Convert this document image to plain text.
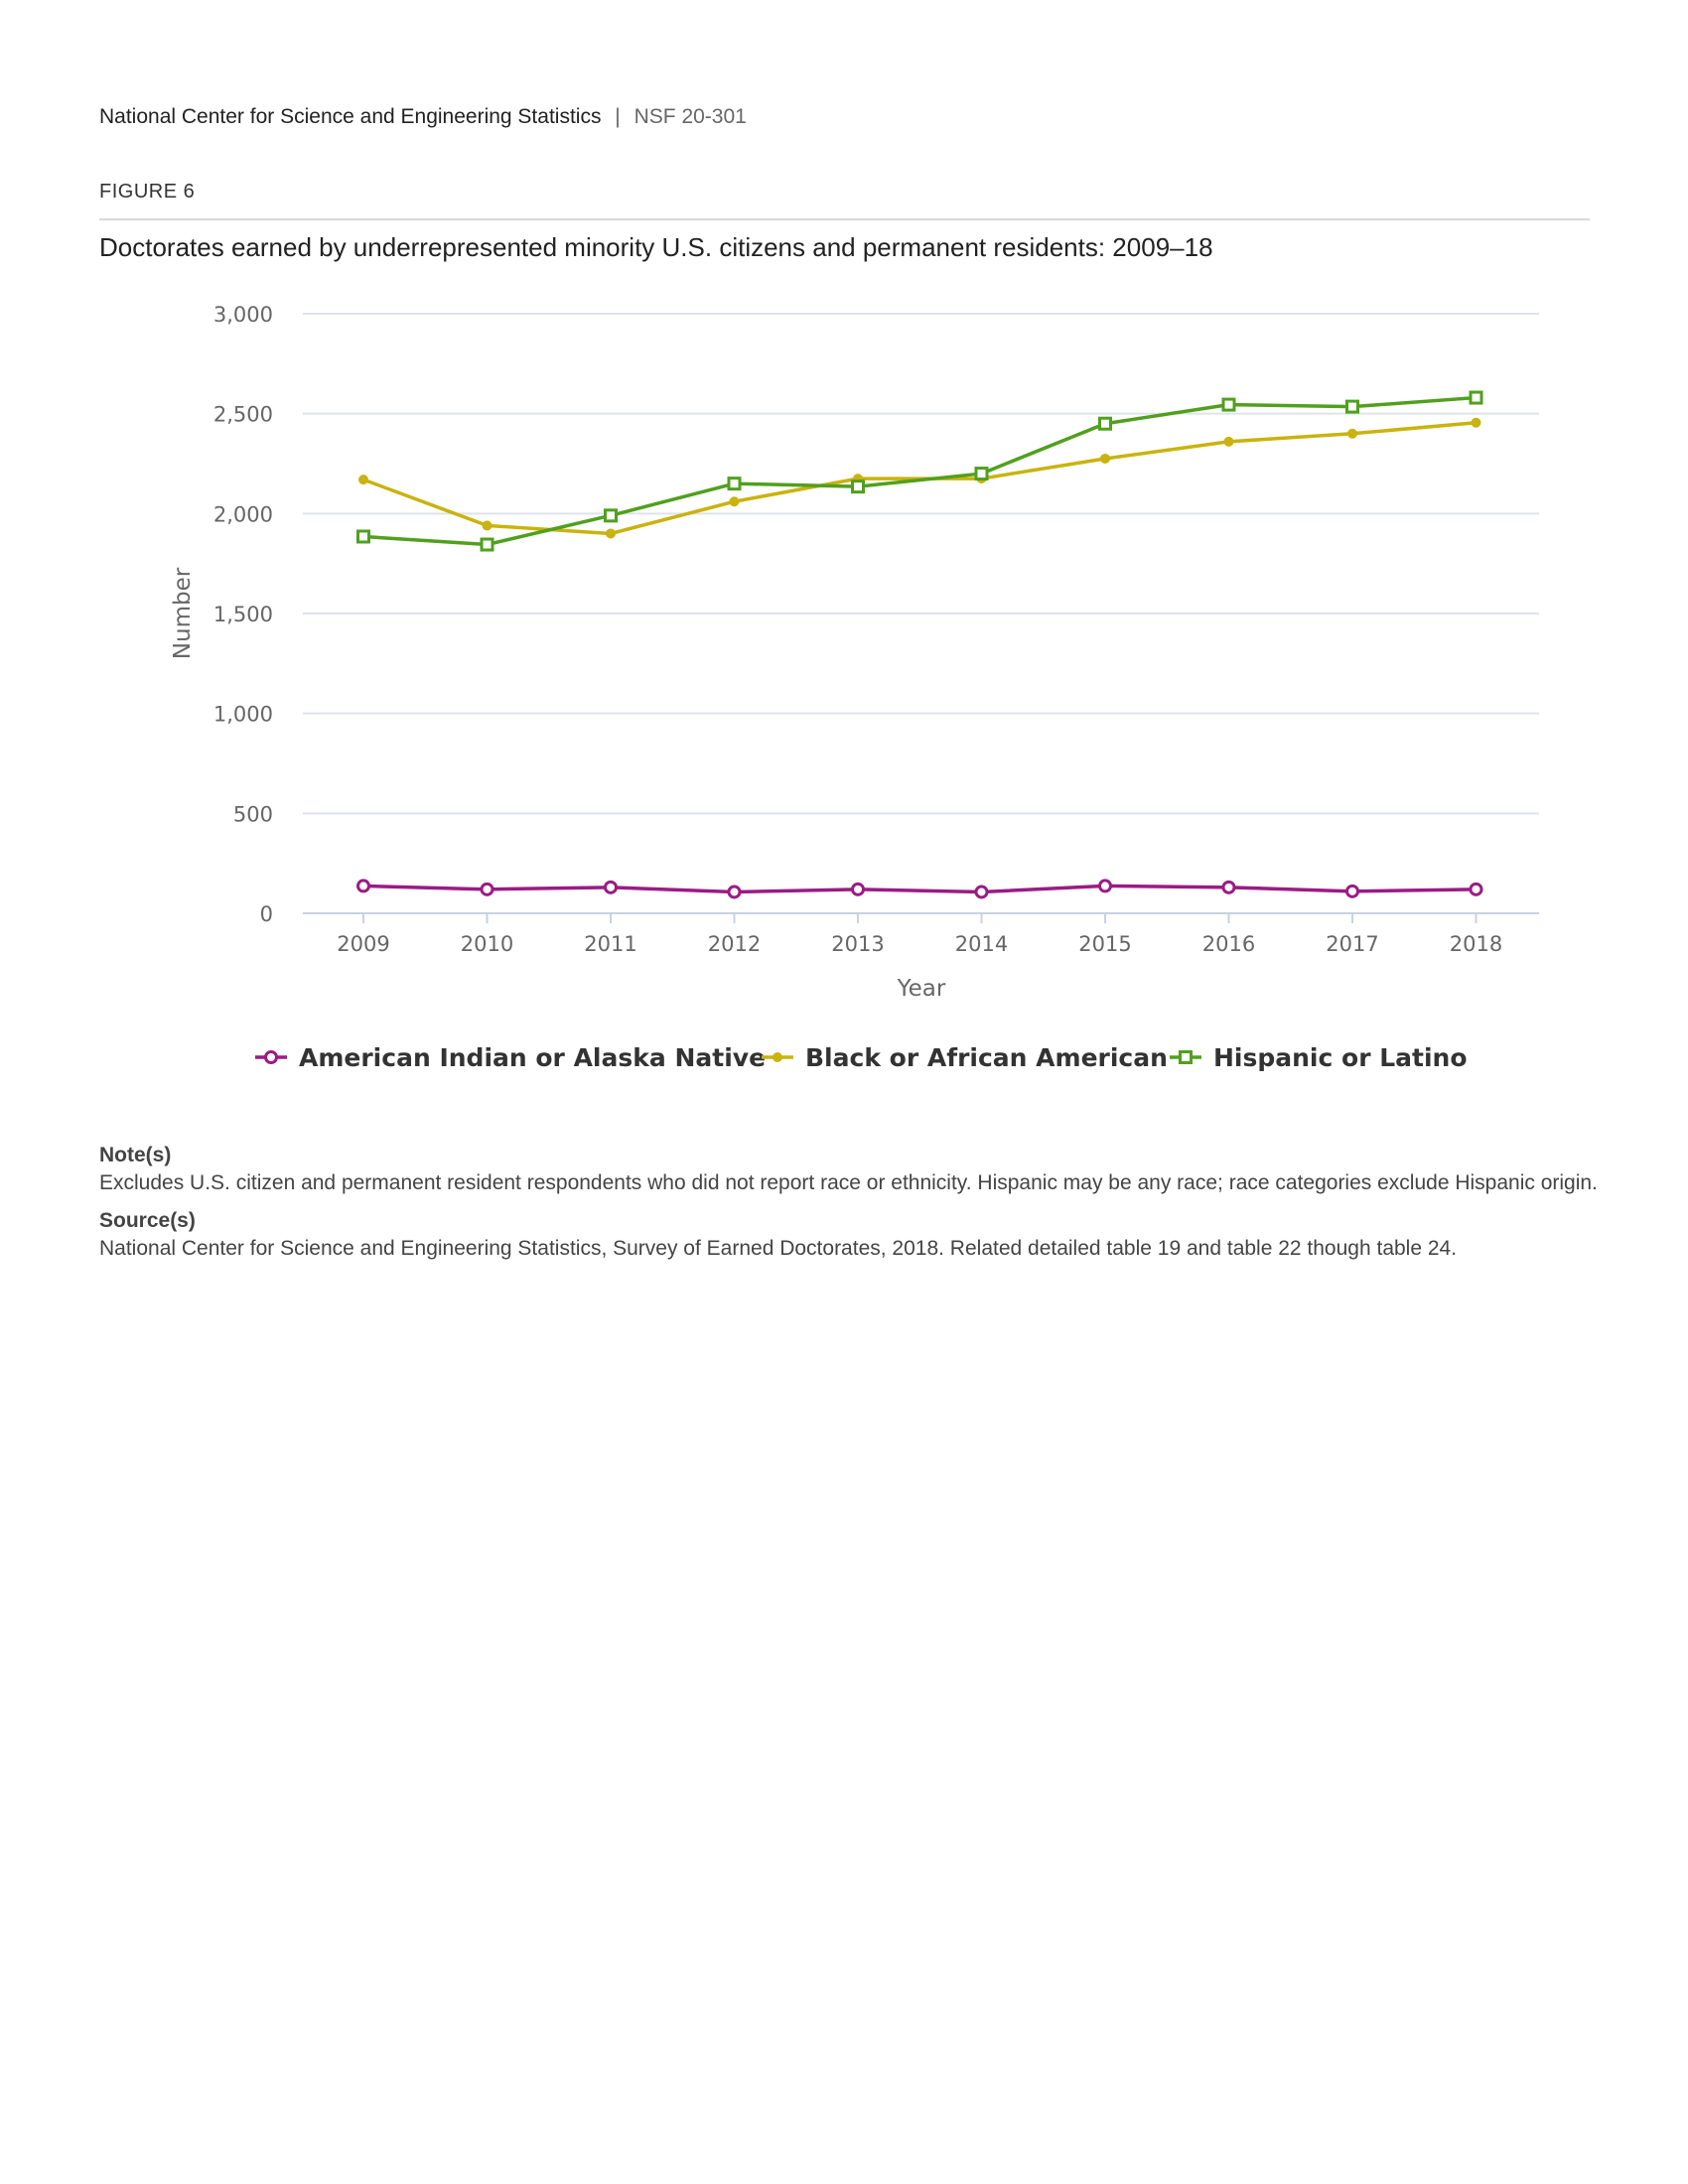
National Center for Science and Engineering Statistics | NSF 20-301
FIGURE 6
Doctorates earned by underrepresented minority U.S. citizens and permanent residents: 2009–18
0
500
1,000
1,500
2,000
2,500
3,000
2009	2010	2011	2012	2013	2014	2015	2016	2017	2018
Year
Number
American Indian or Alaska Native Black or African American Hispanic or Latino
Note(s)
Excludes U.S. citizen and permanent resident respondents who did not report race or ethnicity. Hispanic may be any race; race categories exclude Hispanic origin.
Source(s)
National Center for Science and Engineering Statistics, Survey of Earned Doctorates, 2018. Related detailed table 19 and table 22 though table 24.
